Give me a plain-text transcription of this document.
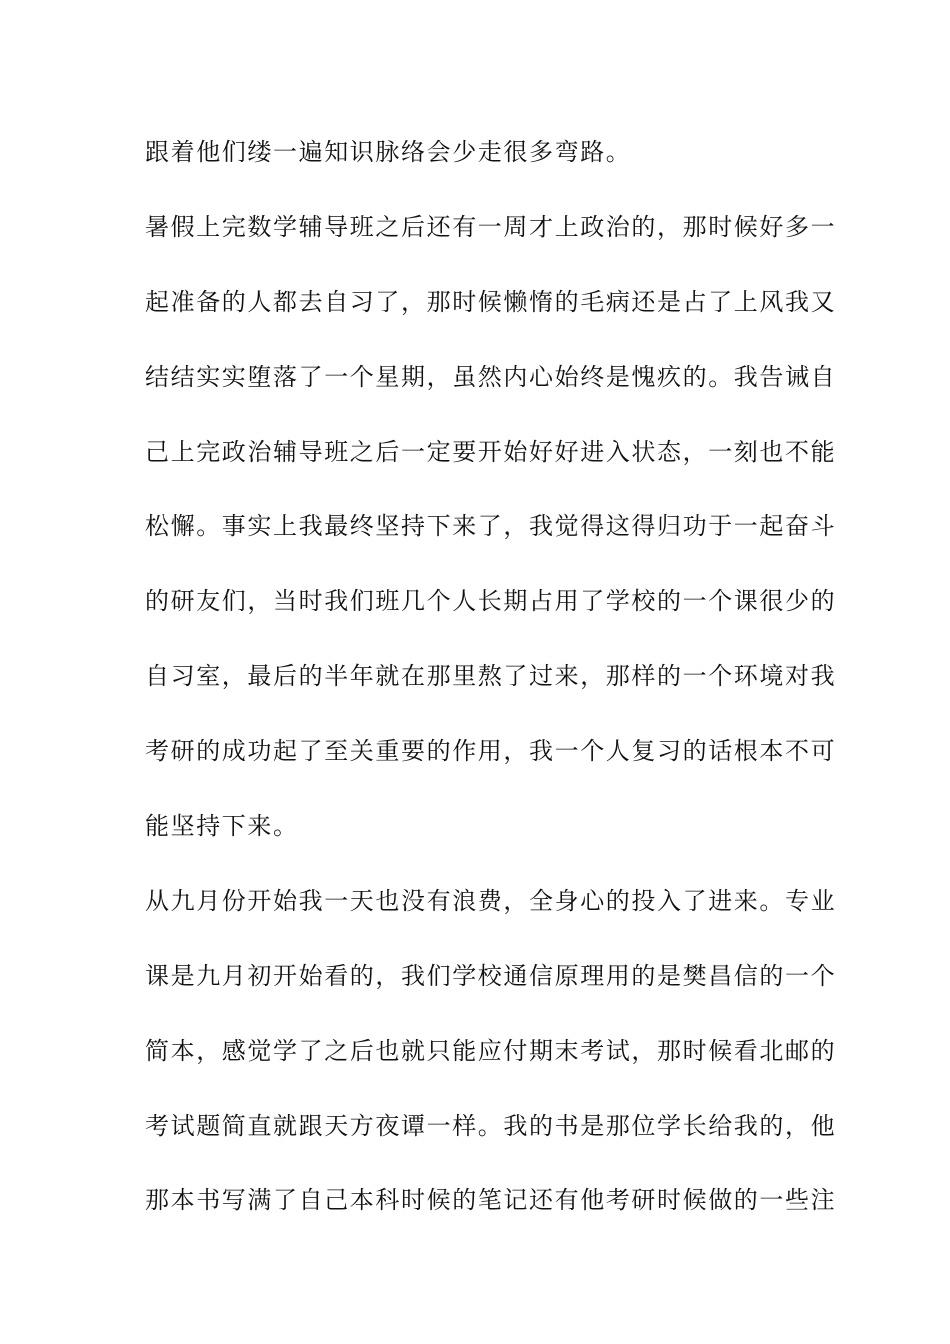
跟着他们缕一遍知识脉络会少走很多弯路。
暑假上完数学辅导班之后还有一周才上政治的，那时候好多一
起准备的人都去自习了，那时候懒惰的毛病还是占了上风我又
结结实实堕落了一个星期，虽然内心始终是愧疚的。我告诫自
己上完政治辅导班之后一定要开始好好进入状态，一刻也不能
松懈。事实上我最终坚持下来了，我觉得这得归功于一起奋斗
的研友们，当时我们班几个人长期占用了学校的一个课很少的
自习室，最后的半年就在那里熬了过来，那样的一个环境对我
考研的成功起了至关重要的作用，我一个人复习的话根本不可
能坚持下来。
从九月份开始我一天也没有浪费，全身心的投入了进来。专业
课是九月初开始看的，我们学校通信原理用的是樊昌信的一个
简本，感觉学了之后也就只能应付期末考试，那时候看北邮的
考试题简直就跟天方夜谭一样。我的书是那位学长给我的，他
那本书写满了自己本科时候的笔记还有他考研时候做的一些注
